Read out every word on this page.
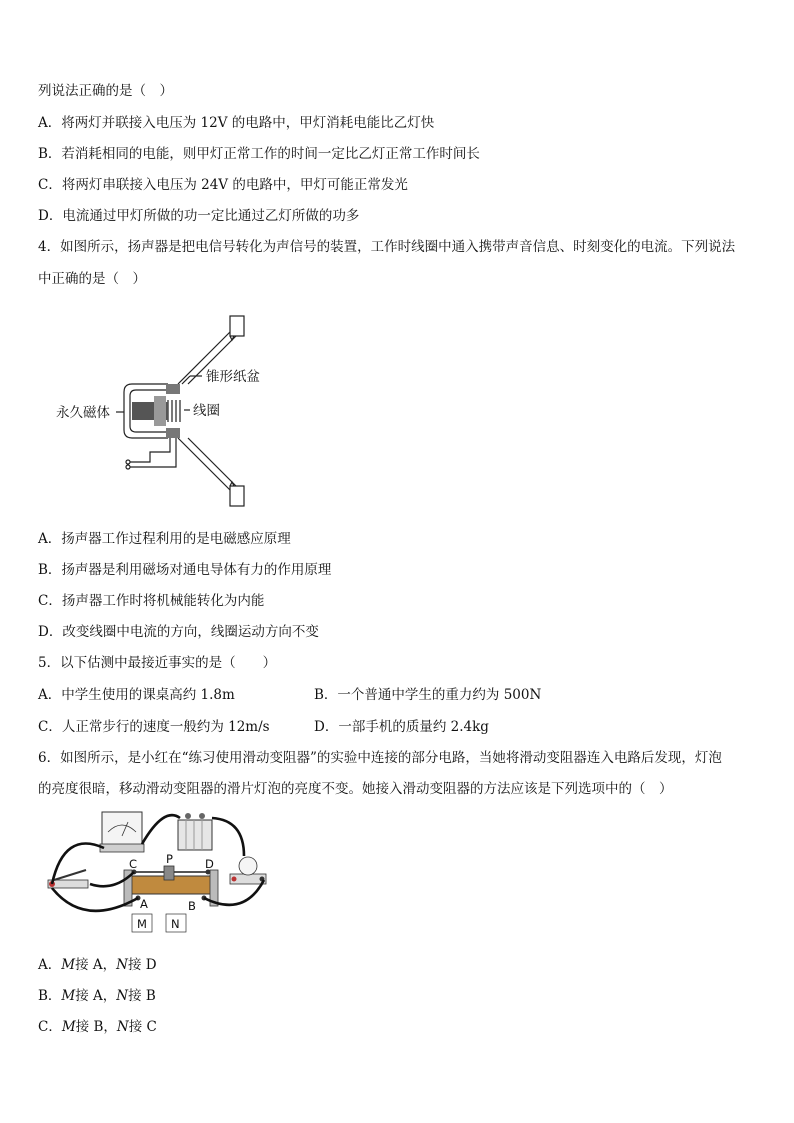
列说法正确的是（　）
A．将两灯并联接入电压为 12V 的电路中，甲灯消耗电能比乙灯快
B．若消耗相同的电能，则甲灯正常工作的时间一定比乙灯正常工作时间长
C．将两灯串联接入电压为 24V 的电路中，甲灯可能正常发光
D．电流通过甲灯所做的功一定比通过乙灯所做的功多
4．如图所示，扬声器是把电信号转化为声信号的装置，工作时线圈中通入携带声音信息、时刻变化的电流。下列说法
中正确的是（　）
永久磁体	线圈
锥形纸盆
A．扬声器工作过程利用的是电磁感应原理
B．扬声器是利用磁场对通电导体有力的作用原理
C．扬声器工作时将机械能转化为内能
D．改变线圈中电流的方向，线圈运动方向不变
5．以下估测中最接近事实的是（　　）
A．中学生使用的课桌高约 1.8m	B．一个普通中学生的重力约为 500N
C．人正常步行的速度一般约为 12m/s	D．一部手机的质量约 2.4kg
6．如图所示，是小红在“练习使用滑动变阻器”的实验中连接的部分电路，当她将滑动变阻器连入电路后发现，灯泡
的亮度很暗，移动滑动变阻器的滑片灯泡的亮度不变。她接入滑动变阻器的方法应该是下列选项中的（　）
C	P	D
A	B
M N
A．M接 A，N接 D
B．M接 A，N接 B
C．M接 B，N接 C
